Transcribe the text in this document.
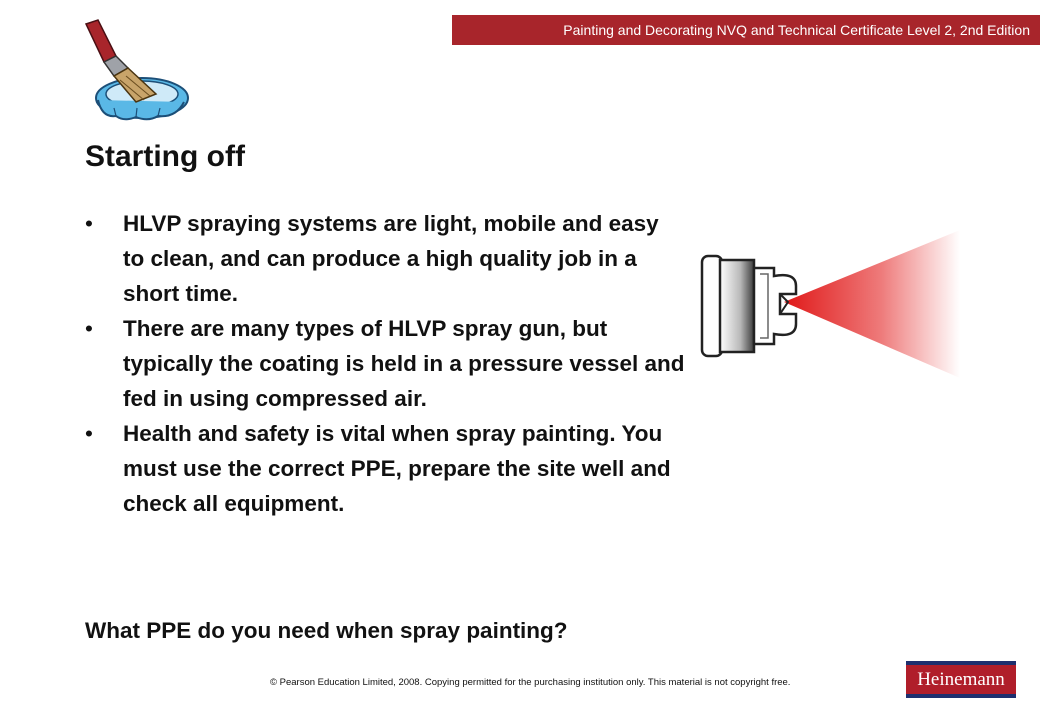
Painting and Decorating NVQ and Technical Certificate Level 2, 2nd Edition
Starting off
• HLVP spraying systems are light, mobile and easy to clean, and can produce a high quality job in a short time.
• There are many types of HLVP spray gun, but typically the coating is held in a pressure vessel and fed in using compressed air.
• Health and safety is vital when spray painting. You must use the correct PPE, prepare the site well and check all equipment.

What PPE do you need when spray painting?

© Pearson Education Limited, 2008. Copying permitted for the purchasing institution only. This material is not copyright free.	Heinemann
